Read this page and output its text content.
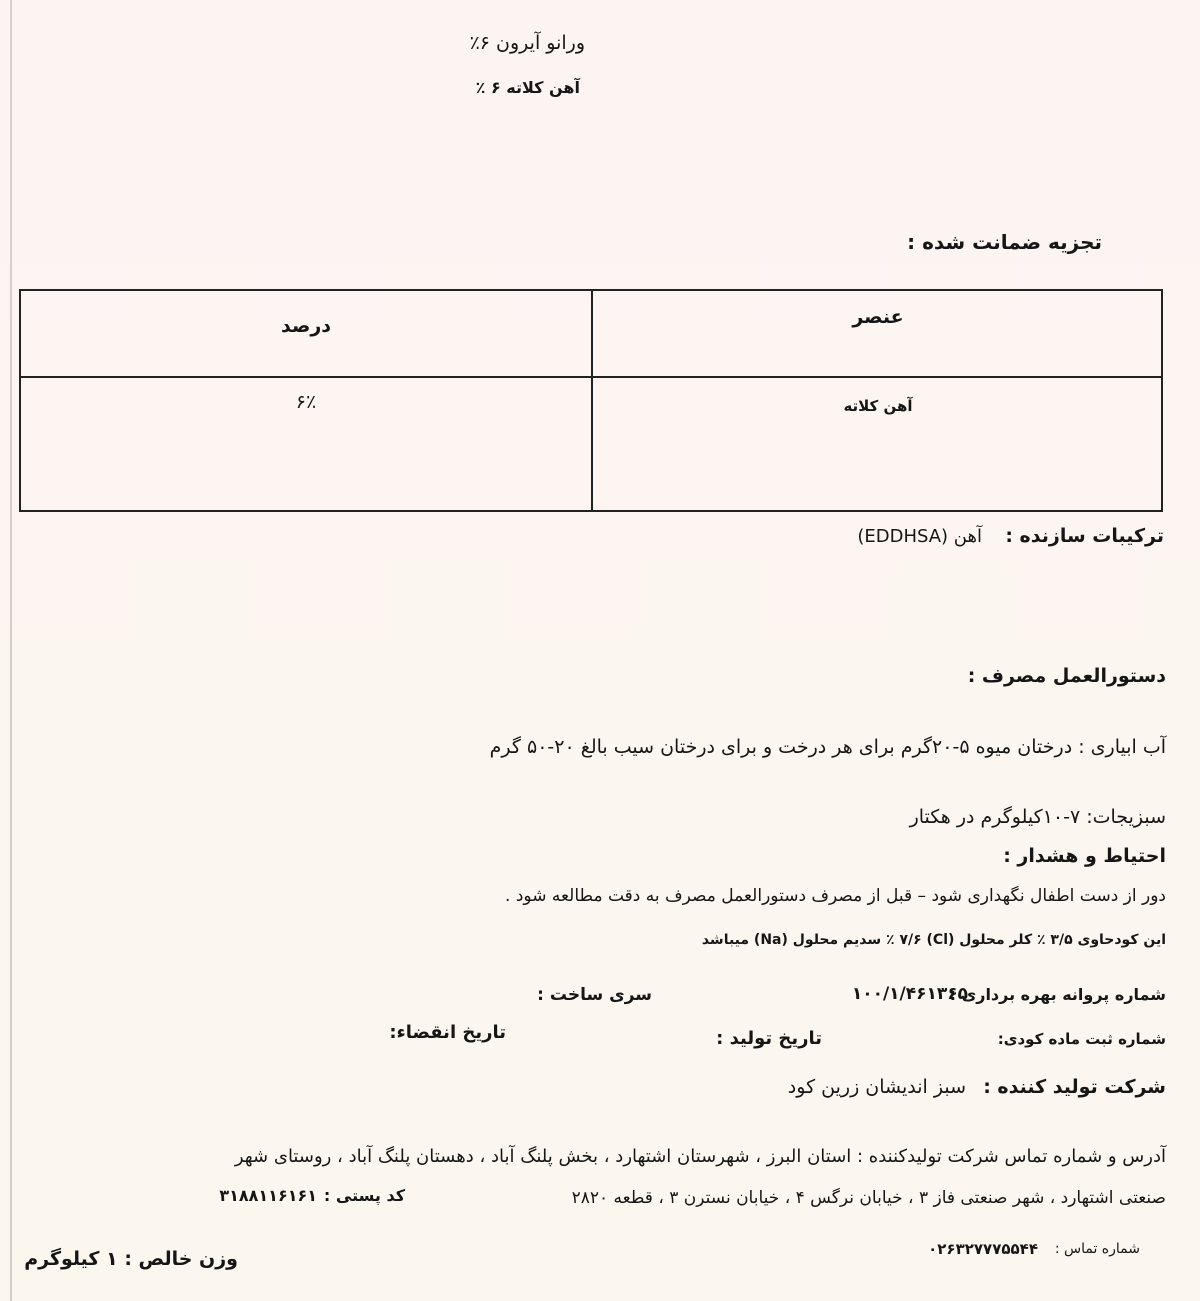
ورانو آیرون ۶٪
آهن کلاته ۶ ٪
تجزیه ضمانت شده :
عنصر
درصد
آهن کلاته
۶٪
ترکیبات سازنده :
آهن (EDDHSA)
دستورالعمل مصرف :
آب ابیاری : درختان میوه ۵-۲۰گرم برای هر درخت و برای درختان سیب بالغ ۲۰-۵۰ گرم
سبزیجات: ۷-۱۰کیلوگرم در هکتار
احتیاط و هشدار :
دور از دست اطفال نگهداری شود – قبل از مصرف دستورالعمل مصرف به دقت مطالعه شود .
این کودحاوی ۳/۵ ٪ کلر محلول (Cl) ۷/۶ ٪ سدیم محلول (Na) میباشد
شماره پروانه بهره برداری :
۱۰۰/۱/۴۶۱۳۶۵
سری ساخت :
شماره ثبت ماده کودی:
تاریخ تولید :
تاریخ انقضاء:
شرکت تولید کننده :
سبز اندیشان زرین کود
آدرس و شماره تماس شرکت تولیدکننده : استان البرز ، شهرستان اشتهارد ، بخش پلنگ آباد ، دهستان پلنگ آباد ، روستای شهر
صنعتی اشتهارد ، شهر صنعتی فاز ۳ ، خیابان نرگس ۴ ، خیابان نسترن ۳ ، قطعه ۲۸۲۰
کد پستی :
۳۱۸۸۱۱۶۱۶۱
شماره تماس :
۰۲۶۳۲۷۷۷۵۵۴۴
وزن خالص : ۱ کیلوگرم
